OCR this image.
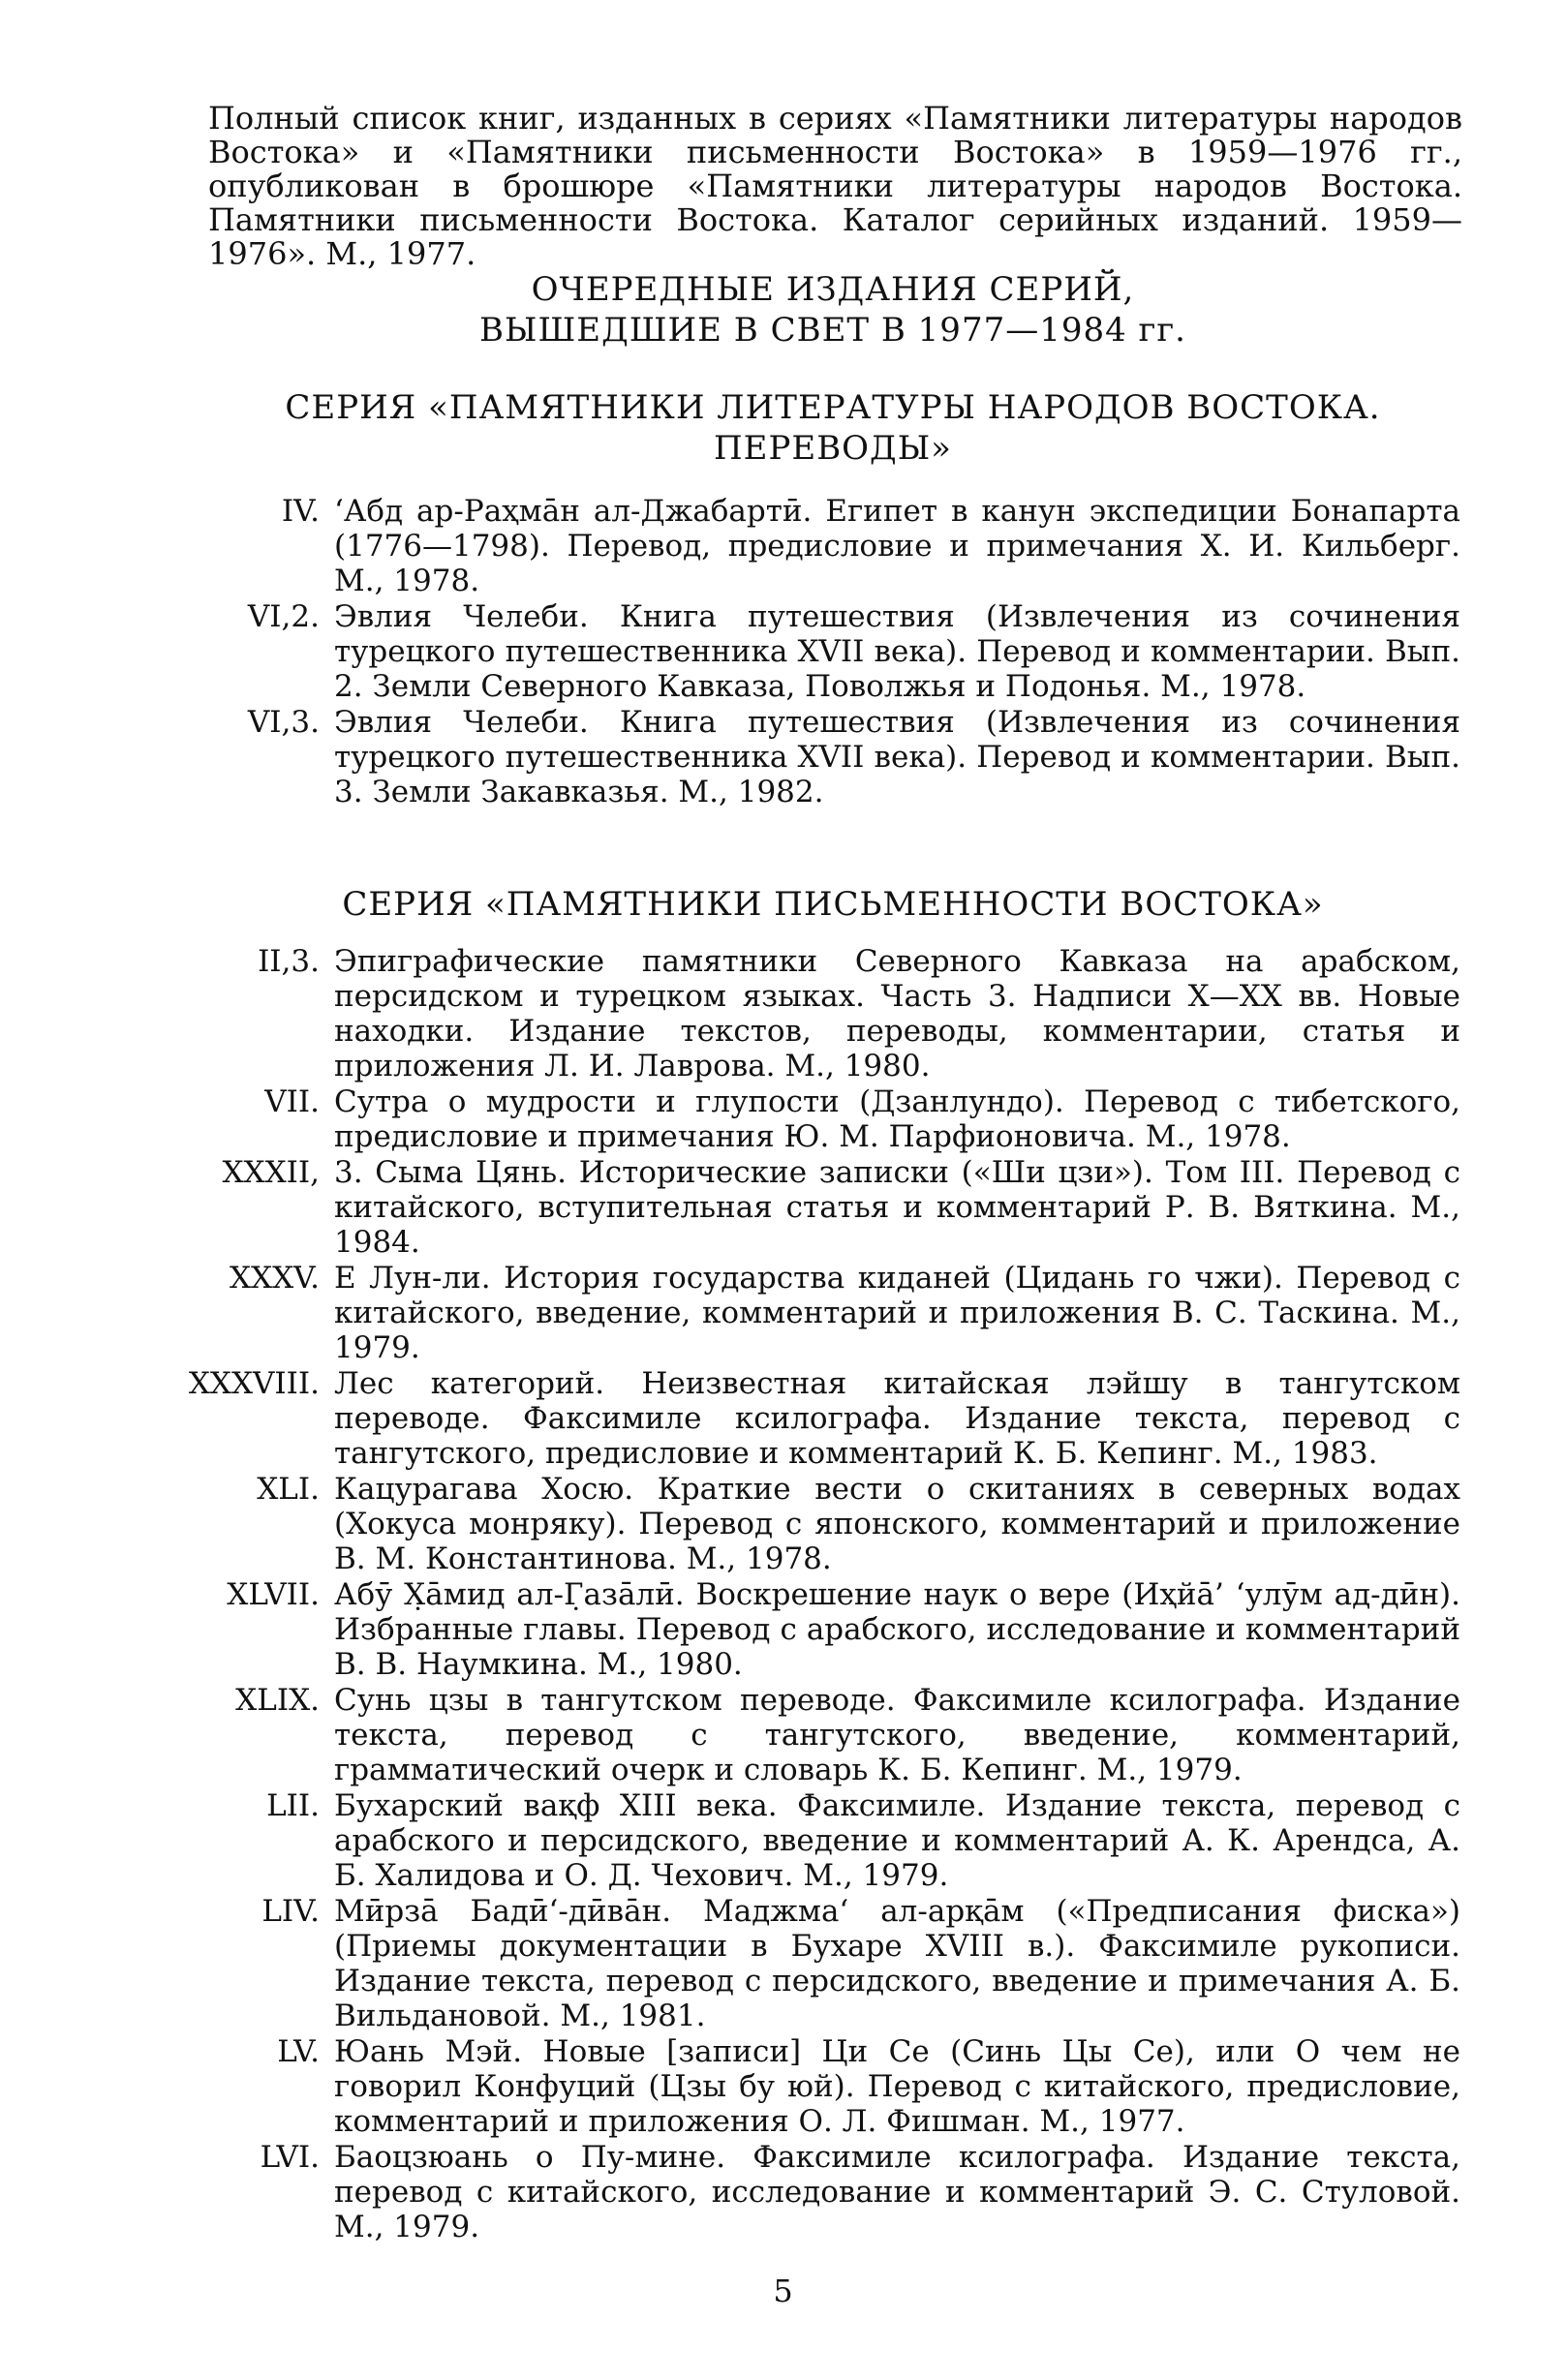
Полный список книг, изданных в сериях «Памятники литературы народов Востока» и «Памятники письменности Востока» в 1959—1976 гг., опубликован в брошюре «Памятники литературы народов Востока. Памятники письменности Востока. Каталог серийных изданий. 1959—1976». М., 1977.

ОЧЕРЕДНЫЕ ИЗДАНИЯ СЕРИЙ,
ВЫШЕДШИЕ В СВЕТ В 1977—1984 гг.
СЕРИЯ «ПАМЯТНИКИ ЛИТЕРАТУРЫ НАРОДОВ ВОСТОКА.
ПЕРЕВОДЫ»
IV. ‘Абд ар-Раҳма̄н ал-Джабартӣ. Египет в канун экспедиции Бонапарта (1776—1798). Перевод, предисловие и примечания Х. И. Кильберг. М., 1978.
VI,2. Эвлия Челеби. Книга путешествия (Извлечения из сочинения турецкого путешественника XVII века). Перевод и комментарии. Вып. 2. Земли Северного Кавказа, Поволжья и Подонья. М., 1978.
VI,3. Эвлия Челеби. Книга путешествия (Извлечения из сочинения турецкого путешественника XVII века). Перевод и комментарии. Вып. 3. Земли Закавказья. М., 1982.
СЕРИЯ «ПАМЯТНИКИ ПИСЬМЕННОСТИ ВОСТОКА»
II,3. Эпиграфические памятники Северного Кавказа на арабском, персидском и турецком языках. Часть 3. Надписи X—XX вв. Новые находки. Издание текстов, переводы, комментарии, статья и приложения Л. И. Лаврова. М., 1980.
VII. Сутра о мудрости и глупости (Дзанлундо). Перевод с тибетского, предисловие и примечания Ю. М. Парфионовича. М., 1978.
XXXII, 3. Сыма Цянь. Исторические записки («Ши цзи»). Том III. Перевод с китайского, вступительная статья и комментарий Р. В. Вяткина. М., 1984.
XXXV. Е Лун-ли. История государства киданей (Цидань го чжи). Перевод с китайского, введение, комментарий и приложения В. С. Таскина. М., 1979.
XXXVIII. Лес категорий. Неизвестная китайская лэйшу в тангутском переводе. Факсимиле ксилографа. Издание текста, перевод с тангутского, предисловие и комментарий К. Б. Кепинг. М., 1983.
XLI. Кацурагава Хосю. Краткие вести о скитаниях в северных водах (Хокуса монряку). Перевод с японского, комментарий и приложение В. М. Константинова. М., 1978.
XLVII. Абӯ Х̣а̄мид ал-Г̣аза̄лӣ. Воскрешение наук о вере (Иҳйа̄’ ‘улӯм ад-дӣн). Избранные главы. Перевод с арабского, исследование и комментарий В. В. Наумкина. М., 1980.
XLIX. Сунь цзы в тангутском переводе. Факсимиле ксилографа. Издание текста, перевод с тангутского, введение, комментарий, грамматический очерк и словарь К. Б. Кепинг. М., 1979.
LII. Бухарский вақф XIII века. Факсимиле. Издание текста, перевод с арабского и персидского, введение и комментарий А. К. Арендса, А. Б. Халидова и О. Д. Чехович. М., 1979.
LIV. Мӣрза̄ Бадӣ‘-дӣва̄н. Маджма‘ ал-арқа̄м («Предписания фиска») (Приемы документации в Бухаре XVIII в.). Факсимиле рукописи. Издание текста, перевод с персидского, введение и примечания А. Б. Вильдановой. М., 1981.
LV. Юань Мэй. Новые [записи] Ци Се (Синь Цы Се), или О чем не говорил Конфуций (Цзы бу юй). Перевод с китайского, предисловие, комментарий и приложения О. Л. Фишман. М., 1977.
LVI. Баоцзюань о Пу-мине. Факсимиле ксилографа. Издание текста, перевод с китайского, исследование и комментарий Э. С. Стуловой. М., 1979.
5
